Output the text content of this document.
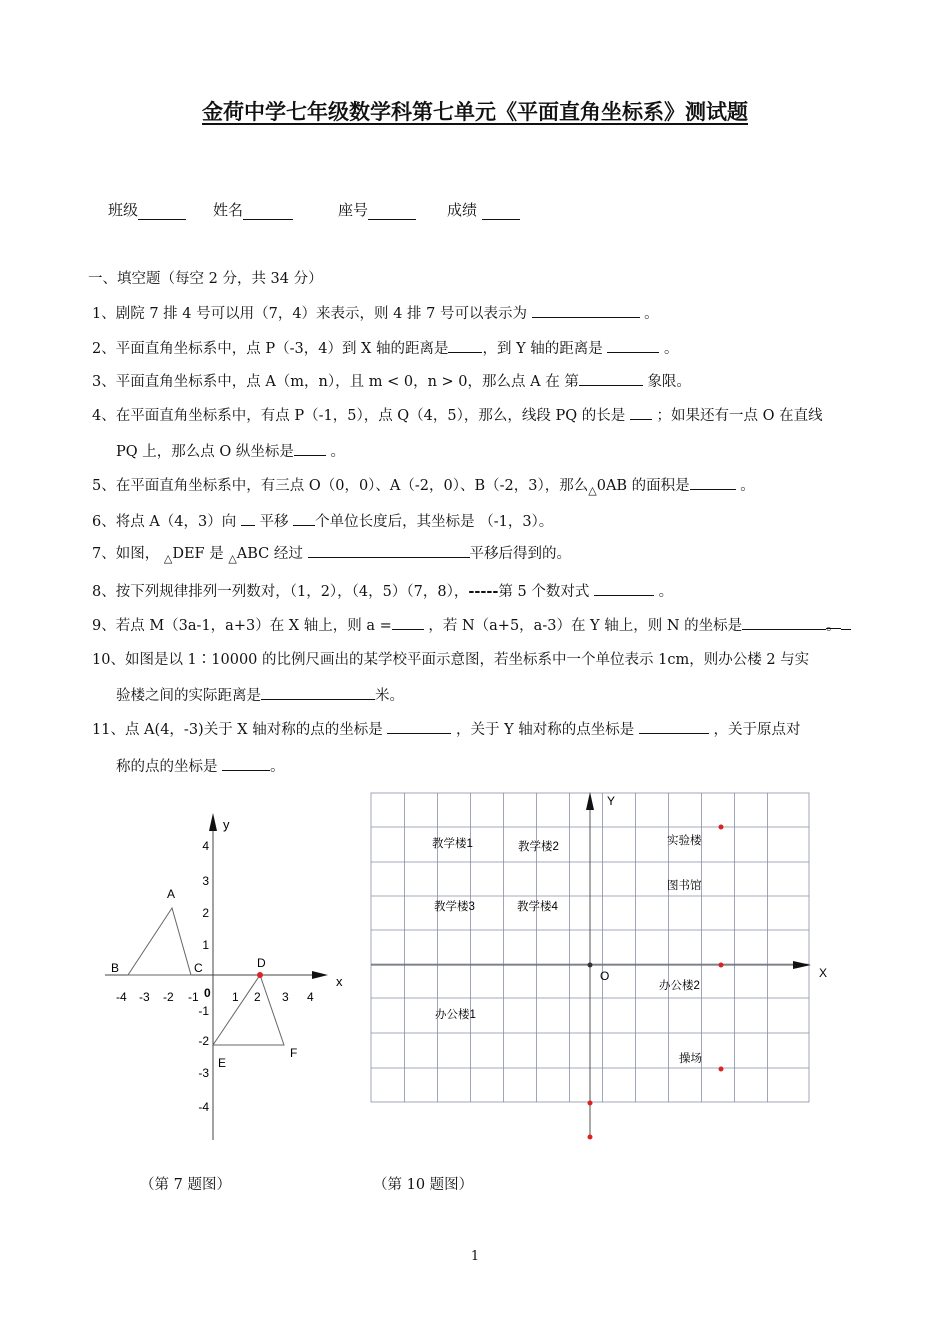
金荷中学七年级数学科第七单元《平面直角坐标系》测试题
班级	姓名	座号	成绩
一、填空题（每空 2 分，共 34 分）
1、剧院 7 排 4 号可以用（7，4）来表示，则 4 排 7 号可以表示为	。
2、平面直角坐标系中，点 P（-3，4）到 X 轴的距离是 ，到 Y 轴的距离是	。
3、平面直角坐标系中，点 A（m，n），且 m < 0，n > 0，那么点 A 在 第	象限。
4、在平面直角坐标系中，有点 P（-1，5），点 Q（4，5），那么，线段 PQ 的长是 ；如果还有一点 O 在直线
PQ 上，那么点 O 纵坐标是	。
5、在平面直角坐标系中，有三点 O（0，0）、A（-2，0）、B（-2，3），那么△0AB 的面积是	。
6、将点 A（4，3）向 平移 个单位长度后，其坐标是 （-1，3）。
7、如图， △DEF 是 △ABC 经过	平移后得到的。
8、按下列规律排列一列数对，（1，2），（4，5）（7，8），-----第 5 个数对式	。
9、若点 M（3a-1，a+3）在 X 轴上，则 a =	，若 N（a+5，a-3）在 Y 轴上，则 N 的坐标是	。
10、如图是以 1∶10000 的比例尺画出的某学校平面示意图，若坐标系中一个单位表示 1cm，则办公楼 2 与实
验楼之间的实际距离是	米。
11、点 A(4，-3)关于 X 轴对称的点的坐标是	，关于 Y 轴对称的点坐标是	，关于原点对
称的点的坐标是	。
x
y
-4 -3 -2 -1 0 1 2 3 4
4
3
2
1
-1
-2
-3
-4
A
B	C	D
E
F
Y
X
O
教学楼1	教学楼2	实验楼
图书馆
教学楼3	教学楼4
办公楼2
办公楼1
操场
（第 7 题图）	（第 10 题图）
1
